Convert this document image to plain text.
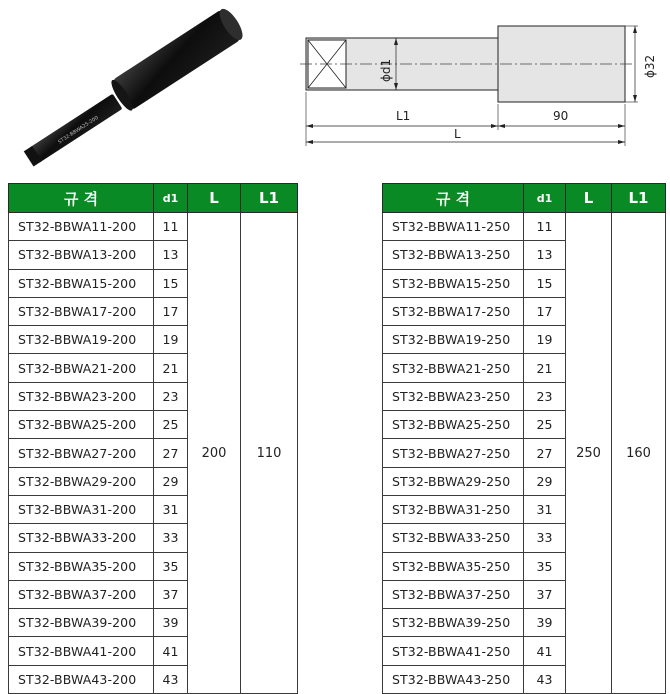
ST32-BBWA25-200
ϕd1	ϕ32
L1	90
L
규 격	d1	L	L1
ST32-BBWA11-200	11	200	110
ST32-BBWA13-200	13		
ST32-BBWA15-200	15		
ST32-BBWA17-200	17		
ST32-BBWA19-200	19		
ST32-BBWA21-200	21		
ST32-BBWA23-200	23		
ST32-BBWA25-200	25		
ST32-BBWA27-200	27		
ST32-BBWA29-200	29		
ST32-BBWA31-200	31		
ST32-BBWA33-200	33		
ST32-BBWA35-200	35		
ST32-BBWA37-200	37		
ST32-BBWA39-200	39		
ST32-BBWA41-200	41		
ST32-BBWA43-200	43		
규 격	d1	L	L1
ST32-BBWA11-250	11	250	160
ST32-BBWA13-250	13		
ST32-BBWA15-250	15		
ST32-BBWA17-250	17		
ST32-BBWA19-250	19		
ST32-BBWA21-250	21		
ST32-BBWA23-250	23		
ST32-BBWA25-250	25		
ST32-BBWA27-250	27		
ST32-BBWA29-250	29		
ST32-BBWA31-250	31		
ST32-BBWA33-250	33		
ST32-BBWA35-250	35		
ST32-BBWA37-250	37		
ST32-BBWA39-250	39		
ST32-BBWA41-250	41		
ST32-BBWA43-250	43		
